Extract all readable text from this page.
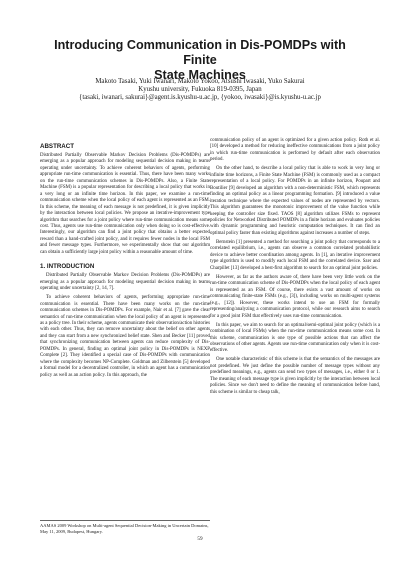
Introducing Communication in Dis-POMDPs with Finite
State Machines
Makoto Tasaki, Yuki Iwanari, Makoto Yokoo, Atsushi Iwasaki, Yuko Sakurai
Kyushu university, Fukuoka 819-0395, Japan
{tasaki, iwanari, sakurai}@agent.is.kyushu-u.ac.jp, {yokoo, iwasaki}@is.kyushu-u.ac.jp
ABSTRACT

Distributed Partially Observable Markov Decision Problems (Dis-POMDPs) are emerging as a popular approach for modeling sequential decision making in teams operating under uncertainty. To achieve coherent behaviors of agents, performing appropriate run-time communication is essential. Thus, there have been many works on the run-time communication schemes in Dis-POMDPs. Also, a Finite State Machine (FSM) is a popular representation for describing a local policy that works in a very long or an infinite time horizon. In this paper, we examine a run-time communication scheme when the local policy of each agent is represented as an FSM. In this scheme, the meaning of each message is not predefined, it is given implicitly by the interaction between local policies. We propose an iterative-improvement type algorithm that searches for a joint policy where run-time communication means some cost. Thus, agents use run-time communication only when doing so is cost-effective. Interestingly, our algorithm can find a joint policy that obtains a better expected reward than a hand-crafted joint policy, and it requires fewer nodes in the local FSM and fewer message types. Furthermore, we experimentally show that our algorithm can obtain a sufficiently large joint policy within a reasonable amount of time.

1. INTRODUCTION

Distributed Partially Observable Markov Decision Problems (Dis-POMDPs) are emerging as a popular approach for modeling sequential decision making in teams operating under uncertainty [2, 14, 7].

To achieve coherent behaviors of agents, performing appropriate run-time communication is essential. There have been many works on the run-time communication schemes in Dis-POMDPs. For example, Nair et al. [7] gave the clear semantics of run-time communication when the local policy of an agent is represented as a policy tree. In their scheme, agents communicate their observation/action histories with each other. Thus, they can remove uncertainty about the belief on other agents and they can start from a new synchronized belief state. Shen and Becker [11] proved that synchronizing communication between agents can reduce complexity of Dis-POMDPs. In general, finding an optimal joint policy in Dis-POMDPs is NEXP Complete [2]. They identified a special case of Dis-POMDPs with communication where the complexity becomes NP-Complete. Goldman and Zilberstein [5] developed a formal model for a decentralized controller, in which an agent has a communication policy as well as an action policy. In this approach, the

communication policy of an agent is optimized for a given action policy. Roth et al. [10] developed a method for reducing ineffective communications from a joint policy in which run-time communication is performed by default after each observation period.

On the other hand, to describe a local policy that is able to work in very long or infinite time horizons, a Finite State Machine (FSM) is commonly used as a compact representation of a local policy. For POMDPs in an infinite horizon, Poupart and Boutilier [9] developed an algorithm with a non-deterministic FSM, which represents finding an optimal policy as a linear programming formation. [9] introduced a value iteration technique where the expected values of nodes are represented by vectors. This algorithm guarantees the monotonic improvement of the value function while keeping the controller size fixed. TAOS [8] algorithm utilizes FSMs to represent policies for Networked Distributed POMDPs in a finite horizon and evaluates policies with dynamic programming and heuristic computation techniques. It can find an optimal policy faster than existing algorithms against increases a number of steps.

Bernstein [1] presented a method for searching a joint policy that corresponds to a correlated equilibrium, i.e., agents can observe a common correlated probabilistic device to achieve better coordination among agents. In [1], an iterative improvement type algorithm is used to modify each local FSM and the correlated device. Szer and Charpillet [13] developed a best-first algorithm to search for an optimal joint policies.

However, as far as the authors aware of, there have been very little work on the run-time communication scheme of Dis-POMDPs when the local policy of each agent is represented as an FSM. Of course, there exists a vast amount of works on communicating finite-state FSMs (e.g., [3]), including works on multi-agent systems (e.g., [12]). However, these works intend to use an FSM for formally representing/analyzing a communication protocol, while our research aims to search for a good joint FSM that effectively uses run-time communication.

In this paper, we aim to search for an optimal/semi-optimal joint policy (which is a combination of local FSMs) when the run-time communication means some cost. In this scheme, communication is one type of possible actions that can affect the observations of other agents. Agents use run-time communication only when it is cost-effective.

One notable characteristic of this scheme is that the semantics of the messages are not predefined. We just define the possible number of message types without any predefined meanings, e.g., agents can send two types of messages, i.e., either 0 or 1. The meaning of each message type is given implicitly by the interaction between local policies. Since we don't need to define the meaning of communication before hand, this scheme is similar to cheap talk,

AAMAS 2009 Workshop on Multi-agent Sequential Decision-Making in Uncertain Domains, May 11, 2009, Budapest, Hungary.
59
